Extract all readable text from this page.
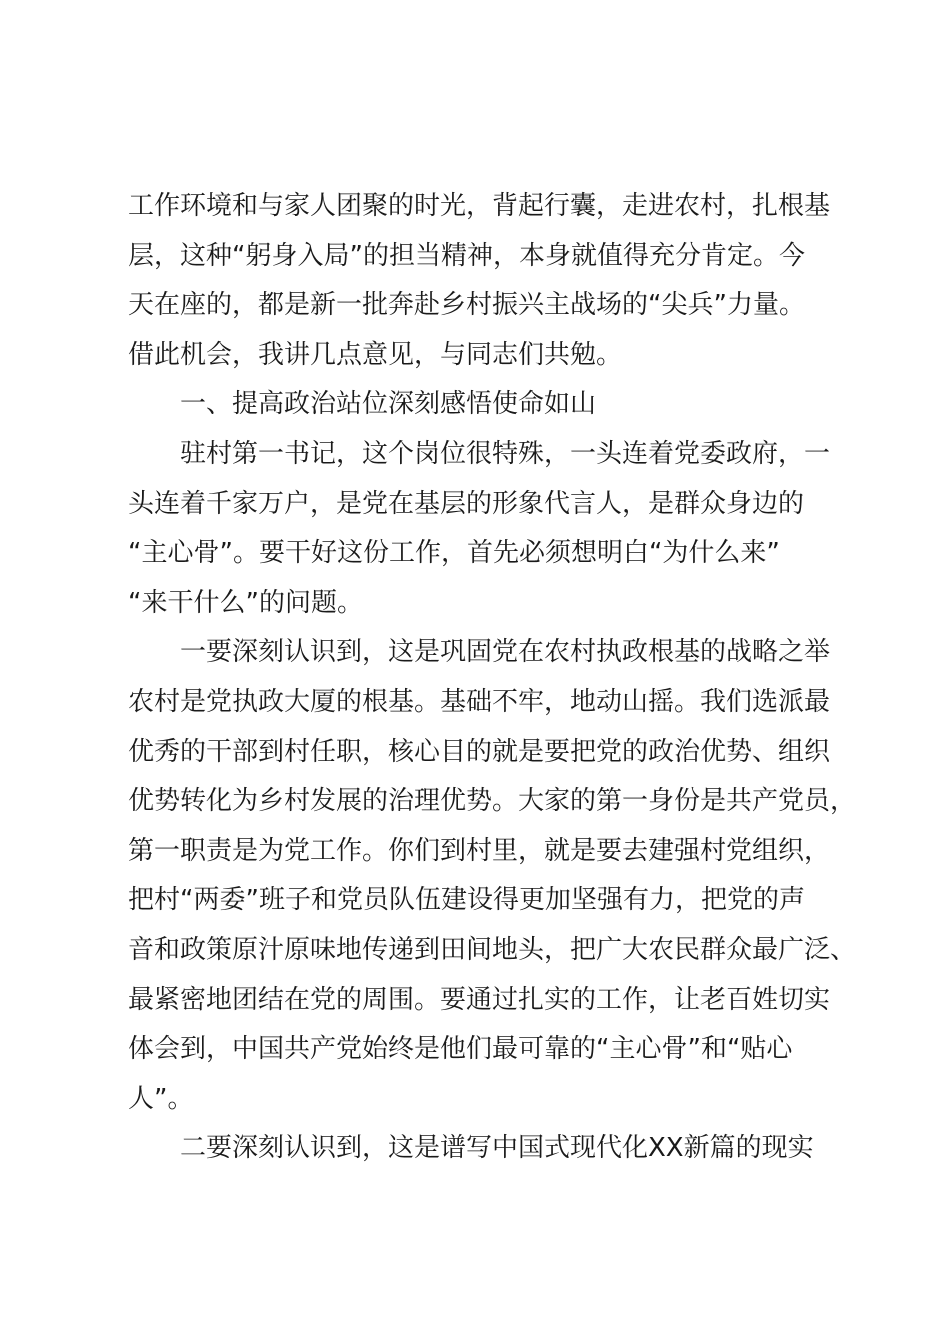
工作环境和与家人团聚的时光，背起行囊，走进农村，扎根基
层，这种“躬身入局”的担当精神，本身就值得充分肯定。今
天在座的，都是新一批奔赴乡村振兴主战场的“尖兵”力量。
借此机会，我讲几点意见，与同志们共勉。
一、提高政治站位深刻感悟使命如山
驻村第一书记，这个岗位很特殊，一头连着党委政府，一
头连着千家万户，是党在基层的形象代言人，是群众身边的
“主心骨”。要干好这份工作，首先必须想明白“为什么来”
“来干什么”的问题。
一要深刻认识到，这是巩固党在农村执政根基的战略之举
农村是党执政大厦的根基。基础不牢，地动山摇。我们选派最
优秀的干部到村任职，核心目的就是要把党的政治优势、组织
优势转化为乡村发展的治理优势。大家的第一身份是共产党员，
第一职责是为党工作。你们到村里，就是要去建强村党组织，
把村“两委”班子和党员队伍建设得更加坚强有力，把党的声
音和政策原汁原味地传递到田间地头，把广大农民群众最广泛、
最紧密地团结在党的周围。要通过扎实的工作，让老百姓切实
体会到，中国共产党始终是他们最可靠的“主心骨”和“贴心
人”。
二要深刻认识到，这是谱写中国式现代化XX新篇的现实
